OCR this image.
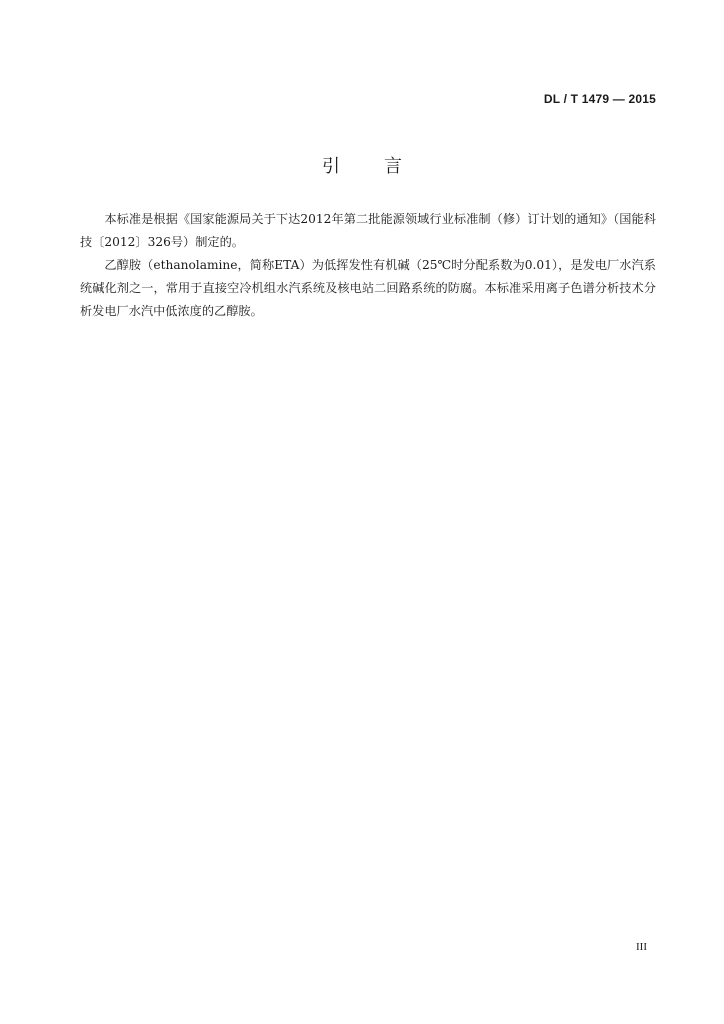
DL / T 1479 — 2015
引 言

本标准是根据《国家能源局关于下达2012年第二批能源领域行业标准制（修）订计划的通知》（国能科技〔2012〕326号）制定的。

乙醇胺（ethanolamine，简称ETA）为低挥发性有机碱（25℃时分配系数为0.01），是发电厂水汽系统碱化剂之一，常用于直接空冷机组水汽系统及核电站二回路系统的防腐。本标准采用离子色谱分析技术分析发电厂水汽中低浓度的乙醇胺。

III
